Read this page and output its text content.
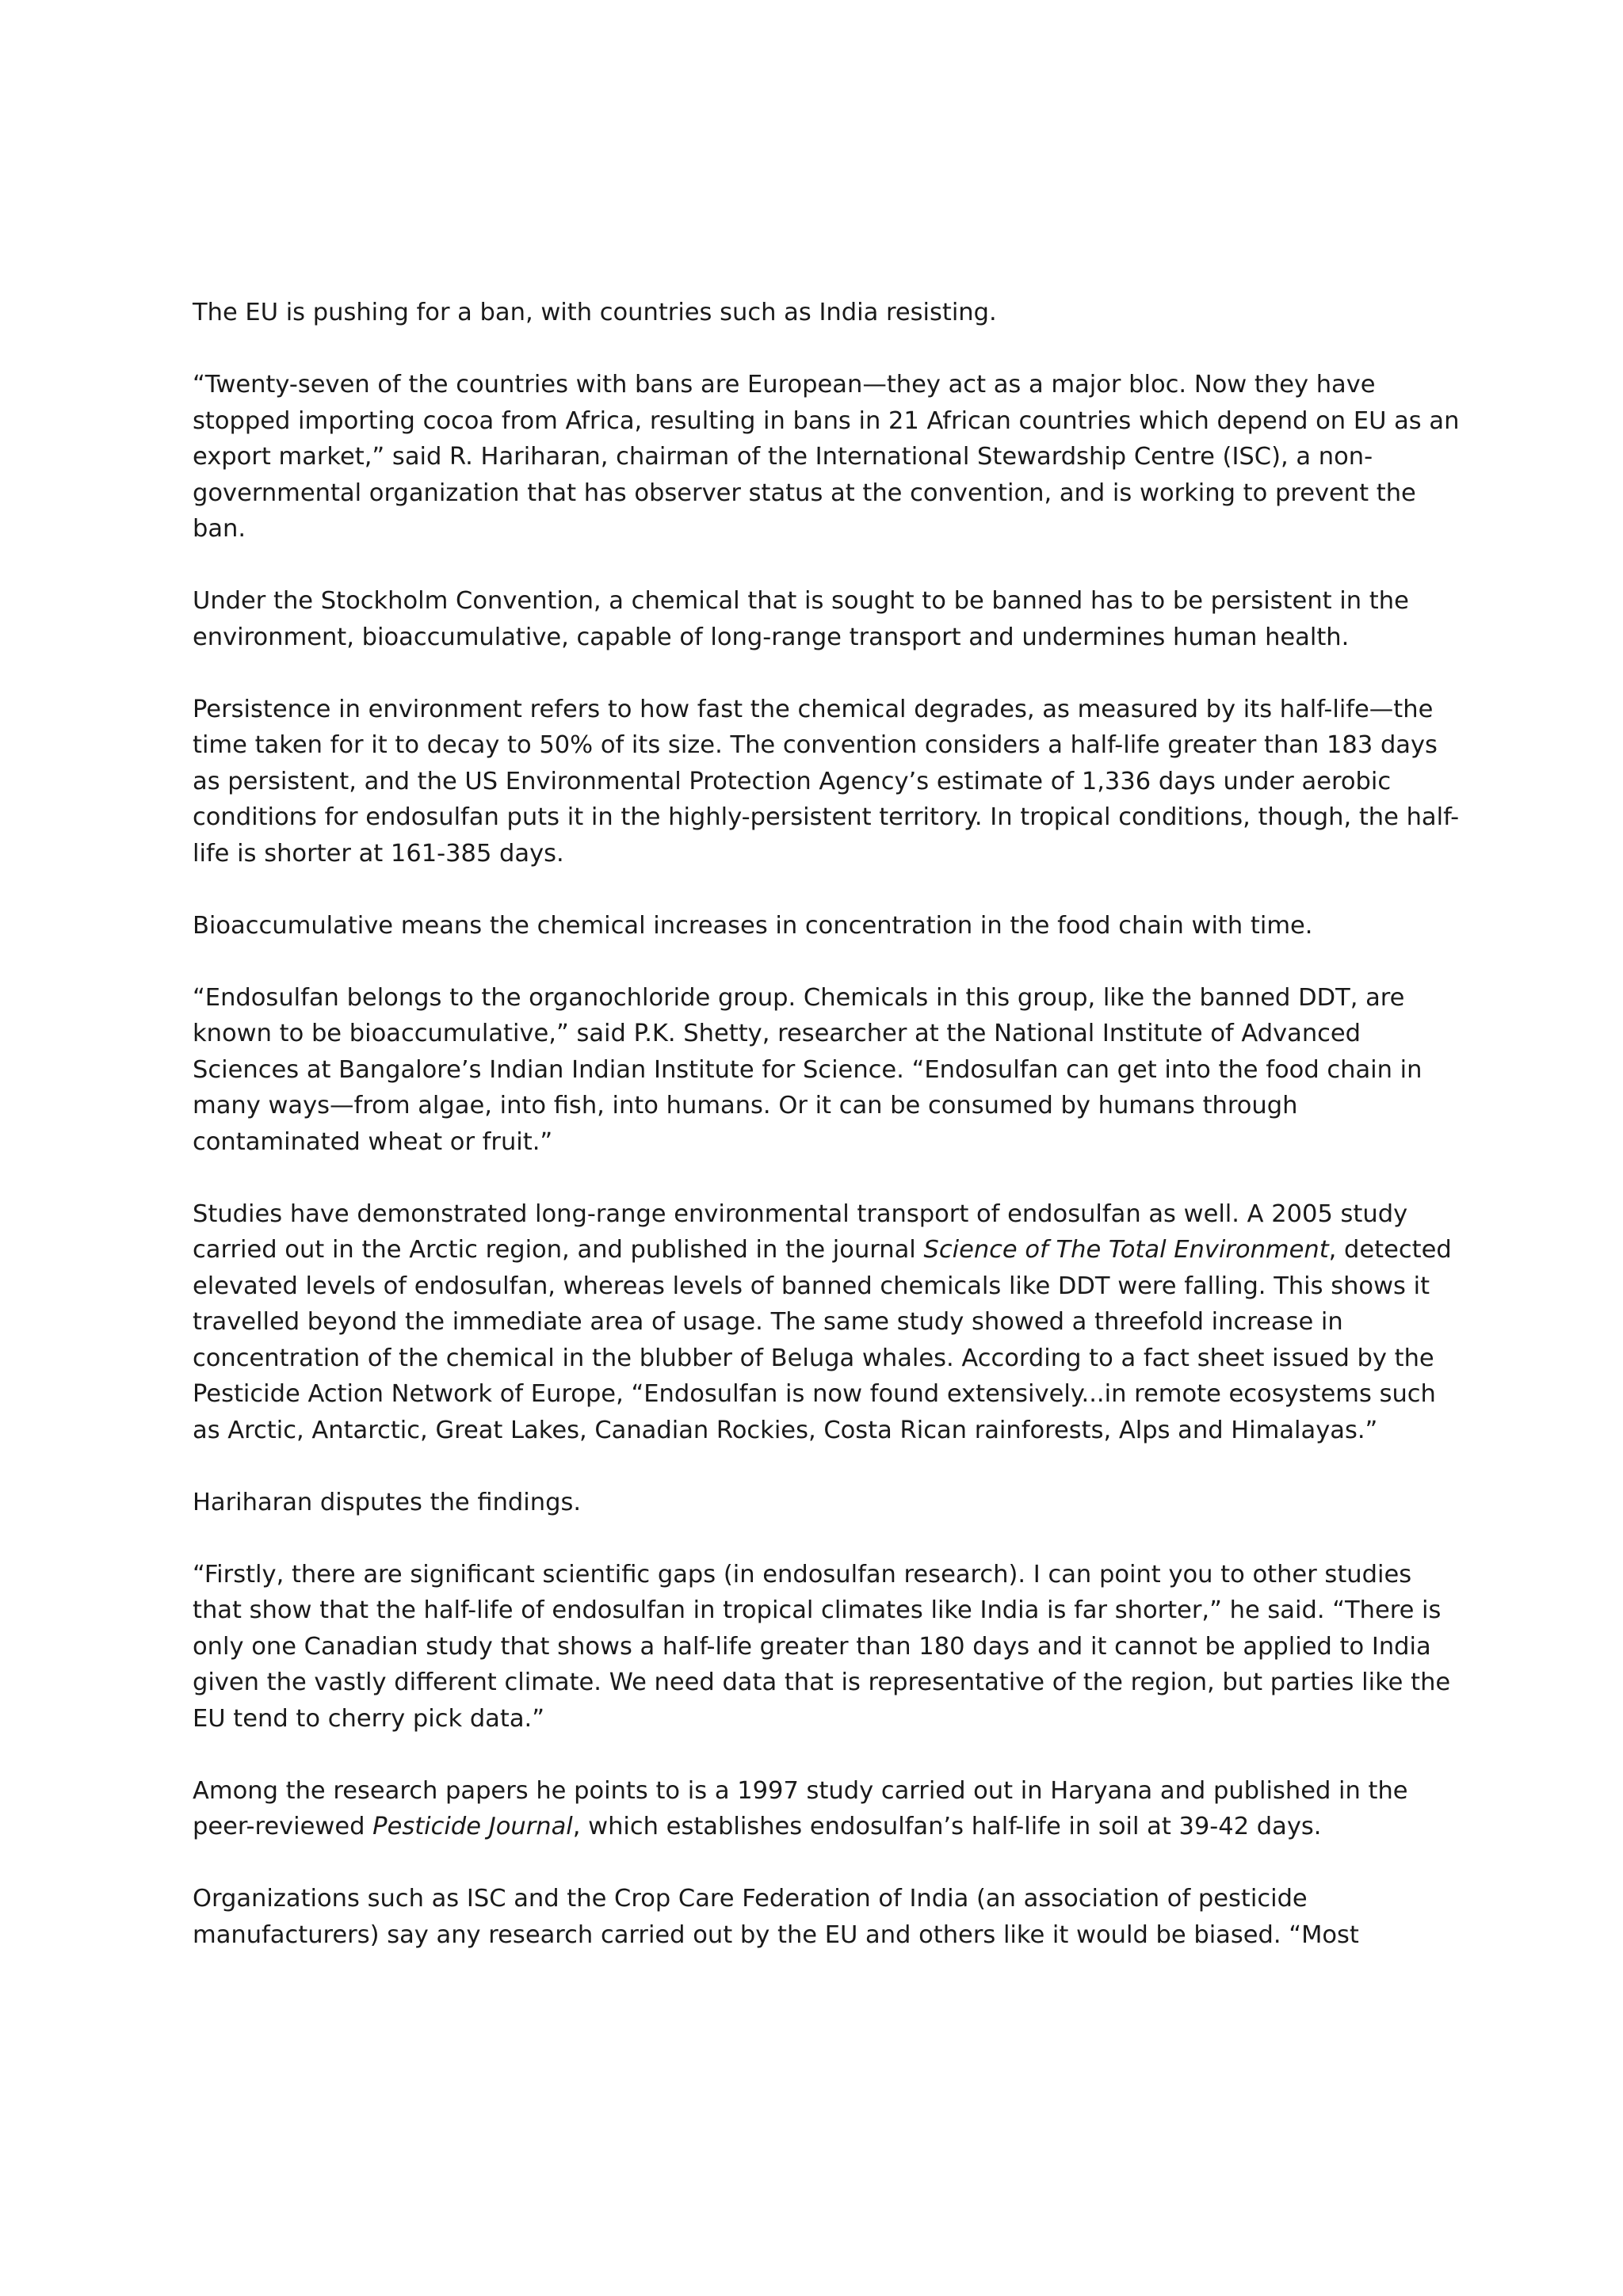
The EU is pushing for a ban, with countries such as India resisting.

“Twenty-seven of the countries with bans are European—they act as a major bloc. Now they have stopped importing cocoa from Africa, resulting in bans in 21 African countries which depend on EU as an export market,” said R. Hariharan, chairman of the International Stewardship Centre (ISC), a non-governmental organization that has observer status at the convention, and is working to prevent the ban.

Under the Stockholm Convention, a chemical that is sought to be banned has to be persistent in the environment, bioaccumulative, capable of long-range transport and undermines human health.

Persistence in environment refers to how fast the chemical degrades, as measured by its half-life—the time taken for it to decay to 50% of its size. The convention considers a half-life greater than 183 days as persistent, and the US Environmental Protection Agency’s estimate of 1,336 days under aerobic conditions for endosulfan puts it in the highly-persistent territory. In tropical conditions, though, the half-life is shorter at 161-385 days.

Bioaccumulative means the chemical increases in concentration in the food chain with time.

“Endosulfan belongs to the organochloride group. Chemicals in this group, like the banned DDT, are known to be bioaccumulative,” said P.K. Shetty, researcher at the National Institute of Advanced Sciences at Bangalore’s Indian Indian Institute for Science. “Endosulfan can get into the food chain in many ways—from algae, into fish, into humans. Or it can be consumed by humans through contaminated wheat or fruit.”

Studies have demonstrated long-range environmental transport of endosulfan as well. A 2005 study carried out in the Arctic region, and published in the journal Science of The Total Environment, detected elevated levels of endosulfan, whereas levels of banned chemicals like DDT were falling. This shows it travelled beyond the immediate area of usage. The same study showed a threefold increase in concentration of the chemical in the blubber of Beluga whales. According to a fact sheet issued by the Pesticide Action Network of Europe, “Endosulfan is now found extensively...in remote ecosystems such as Arctic, Antarctic, Great Lakes, Canadian Rockies, Costa Rican rainforests, Alps and Himalayas.”

Hariharan disputes the findings.

“Firstly, there are significant scientific gaps (in endosulfan research). I can point you to other studies that show that the half-life of endosulfan in tropical climates like India is far shorter,” he said. “There is only one Canadian study that shows a half-life greater than 180 days and it cannot be applied to India given the vastly different climate. We need data that is representative of the region, but parties like the EU tend to cherry pick data.”

Among the research papers he points to is a 1997 study carried out in Haryana and published in the peer-reviewed Pesticide Journal, which establishes endosulfan’s half-life in soil at 39-42 days.

Organizations such as ISC and the Crop Care Federation of India (an association of pesticide manufacturers) say any research carried out by the EU and others like it would be biased. “Most
